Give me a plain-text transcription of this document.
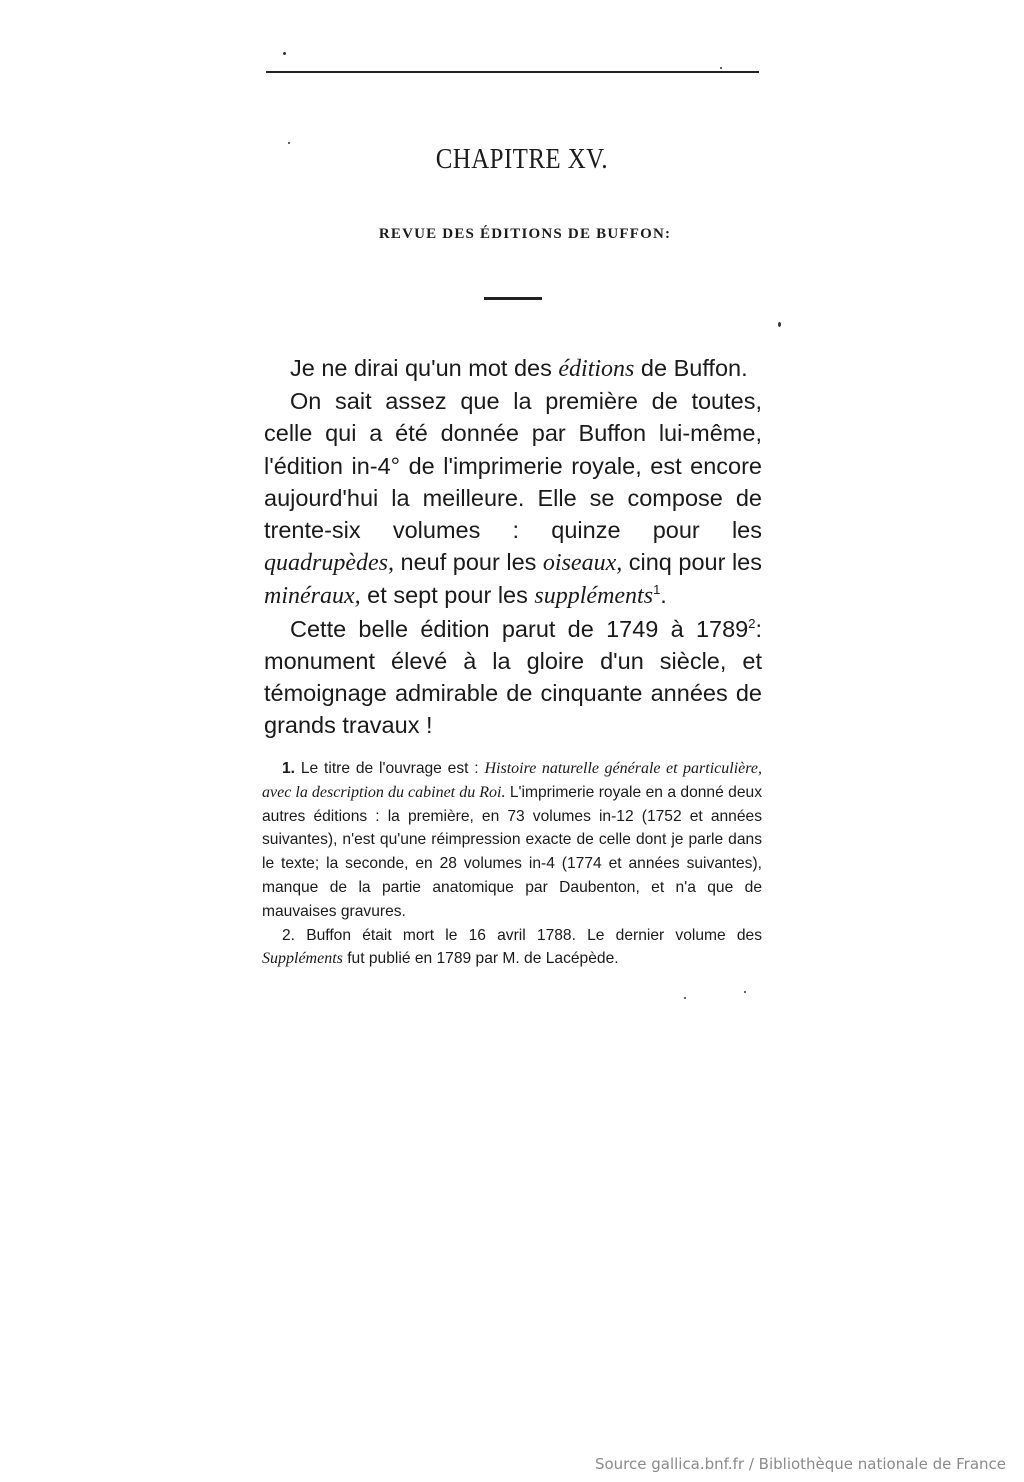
CHAPITRE XV.
REVUE DES ÉDITIONS DE BUFFON:

Je ne dirai qu'un mot des éditions de Buffon.

On sait assez que la première de toutes, celle qui a été donnée par Buffon lui-même, l'édition in-4° de l'imprimerie royale, est encore aujourd'hui la meilleure. Elle se compose de trente-six volumes : quinze pour les quadrupèdes, neuf pour les oiseaux, cinq pour les minéraux, et sept pour les suppléments$^1$.

Cette belle édition parut de 1749 à 1789$^2$: monument élevé à la gloire d'un siècle, et témoignage admirable de cinquante années de grands travaux !

1. Le titre de l'ouvrage est : Histoire naturelle générale et particulière, avec la description du cabinet du Roi. L'imprimerie royale en a donné deux autres éditions : la première, en 73 volumes in-12 (1752 et années suivantes), n'est qu'une réimpression exacte de celle dont je parle dans le texte; la seconde, en 28 volumes in-4 (1774 et années suivantes), manque de la partie anatomique par Daubenton, et n'a que de mauvaises gravures.

2. Buffon était mort le 16 avril 1788. Le dernier volume des Suppléments fut publié en 1789 par M. de Lacépède.

Source gallica.bnf.fr / Bibliothèque nationale de France
